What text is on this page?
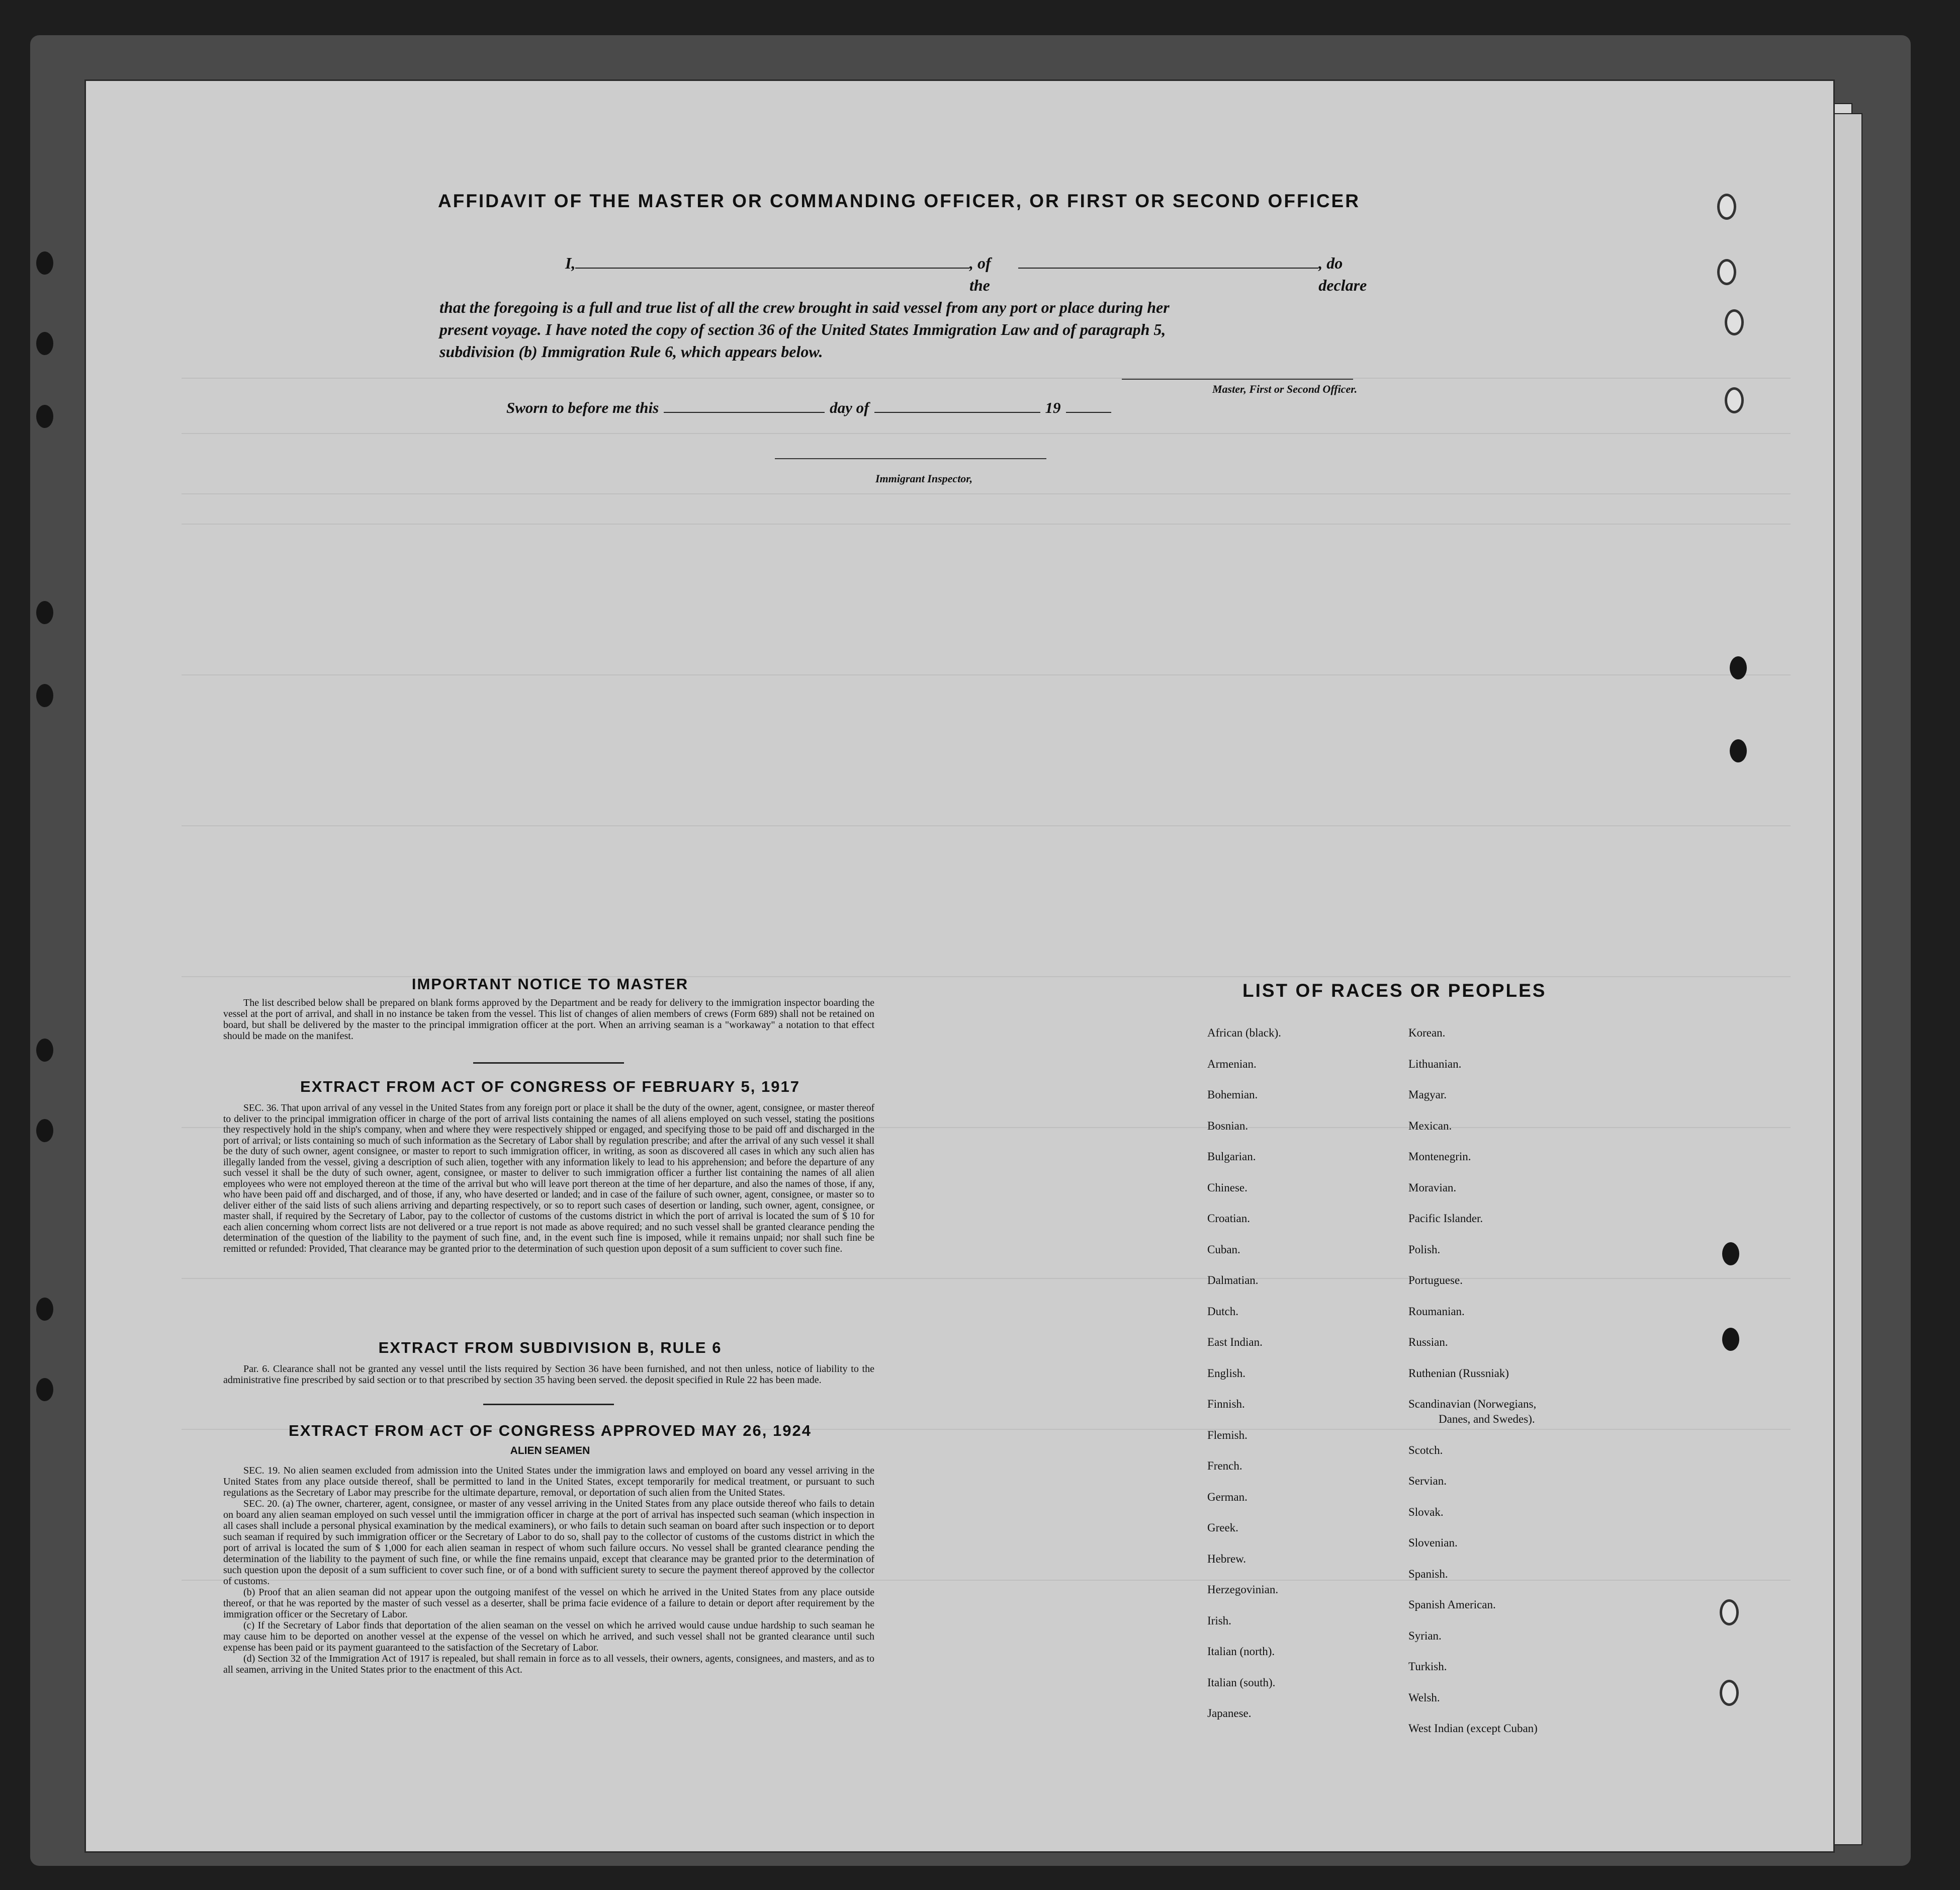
AFFIDAVIT OF THE MASTER OR COMMANDING OFFICER, OR FIRST OR SECOND OFFICER
I,	, of the
, do declare
that the foregoing is a full and true list of all the crew brought in said vessel from any port or place during her
present voyage. I have noted the copy of section 36 of the United States Immigration Law and of paragraph 5,
subdivision (b) Immigration Rule 6, which appears below.
Master, First or Second Officer.
Sworn to before me this	day of	19
Immigrant Inspector,
IMPORTANT NOTICE TO MASTER
The list described below shall be prepared on blank forms approved by the Department and be ready for delivery to the immigration inspector boarding the vessel at the port of arrival, and shall in no instance be taken from the vessel. This list of changes of alien members of crews (Form 689) shall not be retained on board, but shall be delivered by the master to the principal immigration officer at the port. When an arriving seaman is a "workaway" a notation to that effect should be made on the manifest.
EXTRACT FROM ACT OF CONGRESS OF FEBRUARY 5, 1917
SEC. 36. That upon arrival of any vessel in the United States from any foreign port or place it shall be the duty of the owner, agent, consignee, or master thereof to deliver to the principal immigration officer in charge of the port of arrival lists containing the names of all aliens employed on such vessel, stating the positions they respectively hold in the ship's company, when and where they were respectively shipped or engaged, and specifying those to be paid off and discharged in the port of arrival; or lists containing so much of such information as the Secretary of Labor shall by regulation prescribe; and after the arrival of any such vessel it shall be the duty of such owner, agent consignee, or master to report to such immigration officer, in writing, as soon as discovered all cases in which any such alien has illegally landed from the vessel, giving a description of such alien, together with any information likely to lead to his apprehension; and before the departure of any such vessel it shall be the duty of such owner, agent, consignee, or master to deliver to such immigration officer a further list containing the names of all alien employees who were not employed thereon at the time of the arrival but who will leave port thereon at the time of her departure, and also the names of those, if any, who have been paid off and discharged, and of those, if any, who have deserted or landed; and in case of the failure of such owner, agent, consignee, or master so to deliver either of the said lists of such aliens arriving and departing respectively, or so to report such cases of desertion or landing, such owner, agent, consignee, or master shall, if required by the Secretary of Labor, pay to the collector of customs of the customs district in which the port of arrival is located the sum of $ 10 for each alien concerning whom correct lists are not delivered or a true report is not made as above required; and no such vessel shall be granted clearance pending the determination of the question of the liability to the payment of such fine, and, in the event such fine is imposed, while it remains unpaid; nor shall such fine be remitted or refunded: Provided, That clearance may be granted prior to the determination of such question upon deposit of a sum sufficient to cover such fine.
EXTRACT FROM SUBDIVISION B, RULE 6
Par. 6. Clearance shall not be granted any vessel until the lists required by Section 36 have been furnished, and not then unless, notice of liability to the administrative fine prescribed by said section or to that prescribed by section 35 having been served. the deposit specified in Rule 22 has been made.
EXTRACT FROM ACT OF CONGRESS APPROVED MAY 26, 1924
ALIEN SEAMEN
SEC. 19. No alien seamen excluded from admission into the United States under the immigration laws and employed on board any vessel arriving in the United States from any place outside thereof, shall be permitted to land in the United States, except temporarily for medical treatment, or pursuant to such regulations as the Secretary of Labor may prescribe for the ultimate departure, removal, or deportation of such alien from the United States.
SEC. 20. (a) The owner, charterer, agent, consignee, or master of any vessel arriving in the United States from any place outside thereof who fails to detain on board any alien seaman employed on such vessel until the immigration officer in charge at the port of arrival has inspected such seaman (which inspection in all cases shall include a personal physical examination by the medical examiners), or who fails to detain such seaman on board after such inspection or to deport such seaman if required by such immigration officer or the Secretary of Labor to do so, shall pay to the collector of customs of the customs district in which the port of arrival is located the sum of $ 1,000 for each alien seaman in respect of whom such failure occurs. No vessel shall be granted clearance pending the determination of the liability to the payment of such fine, or while the fine remains unpaid, except that clearance may be granted prior to the determination of such question upon the deposit of a sum sufficient to cover such fine, or of a bond with sufficient surety to secure the payment thereof approved by the collector of customs.
(b) Proof that an alien seaman did not appear upon the outgoing manifest of the vessel on which he arrived in the United States from any place outside thereof, or that he was reported by the master of such vessel as a deserter, shall be prima facie evidence of a failure to detain or deport after requirement by the immigration officer or the Secretary of Labor.
(c) If the Secretary of Labor finds that deportation of the alien seaman on the vessel on which he arrived would cause undue hardship to such seaman he may cause him to be deported on another vessel at the expense of the vessel on which he arrived, and such vessel shall not be granted clearance until such expense has been paid or its payment guaranteed to the satisfaction of the Secretary of Labor.
(d) Section 32 of the Immigration Act of 1917 is repealed, but shall remain in force as to all vessels, their owners, agents, consignees, and masters, and as to all seamen, arriving in the United States prior to the enactment of this Act.
LIST OF RACES OR PEOPLES
African (black).
Armenian.
Bohemian.
Bosnian.
Bulgarian.
Chinese.
Croatian.
Cuban.
Dalmatian.
Dutch.
East Indian.
English.
Finnish.
Flemish.
French.
German.
Greek.
Hebrew.
Herzegovinian.
Irish.
Italian (north).
Italian (south).
Japanese.
Korean.
Lithuanian.
Magyar.
Mexican.
Montenegrin.
Moravian.
Pacific Islander.
Polish.
Portuguese.
Roumanian.
Russian.
Ruthenian (Russniak)
Scandinavian (Norwegians,
Danes, and Swedes).
Scotch.
Servian.
Slovak.
Slovenian.
Spanish.
Spanish American.
Syrian.
Turkish.
Welsh.
West Indian (except Cuban)
